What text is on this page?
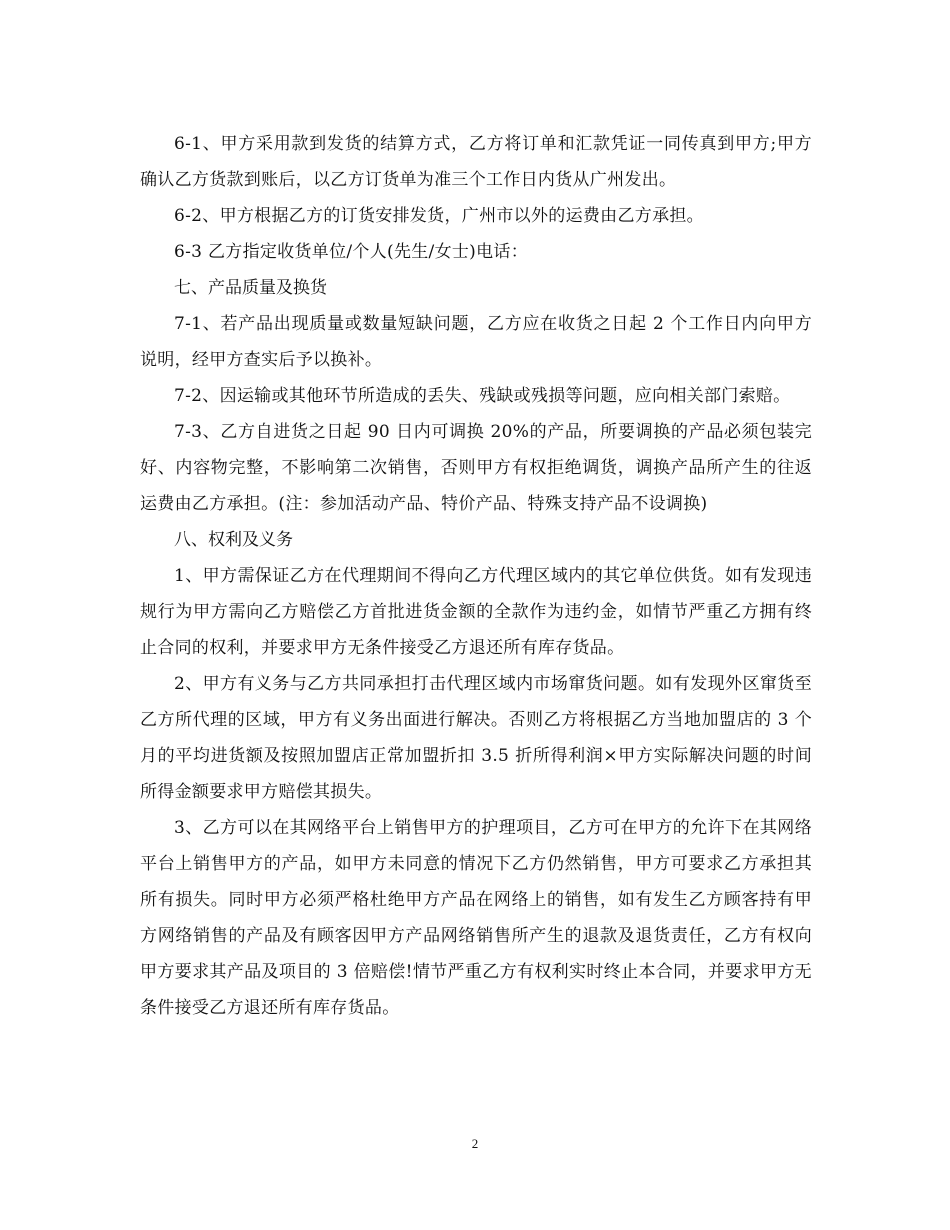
6-1、甲方采用款到发货的结算方式，乙方将订单和汇款凭证一同传真到甲方;甲方确认乙方货款到账后，以乙方订货单为准三个工作日内货从广州发出。

6-2、甲方根据乙方的订货安排发货，广州市以外的运费由乙方承担。

6-3 乙方指定收货单位/个人(先生/女士)电话：

七、产品质量及换货

7-1、若产品出现质量或数量短缺问题，乙方应在收货之日起 2 个工作日内向甲方说明，经甲方查实后予以换补。

7-2、因运输或其他环节所造成的丢失、残缺或残损等问题，应向相关部门索赔。

7-3、乙方自进货之日起 90 日内可调换 20%的产品，所要调换的产品必须包装完好、内容物完整，不影响第二次销售，否则甲方有权拒绝调货，调换产品所产生的往返运费由乙方承担。(注：参加活动产品、特价产品、特殊支持产品不设调换)

八、权利及义务

1、甲方需保证乙方在代理期间不得向乙方代理区域内的其它单位供货。如有发现违规行为甲方需向乙方赔偿乙方首批进货金额的全款作为违约金，如情节严重乙方拥有终止合同的权利，并要求甲方无条件接受乙方退还所有库存货品。

2、甲方有义务与乙方共同承担打击代理区域内市场窜货问题。如有发现外区窜货至乙方所代理的区域，甲方有义务出面进行解决。否则乙方将根据乙方当地加盟店的 3 个月的平均进货额及按照加盟店正常加盟折扣 3.5 折所得利润×甲方实际解决问题的时间所得金额要求甲方赔偿其损失。

3、乙方可以在其网络平台上销售甲方的护理项目，乙方可在甲方的允许下在其网络平台上销售甲方的产品，如甲方未同意的情况下乙方仍然销售，甲方可要求乙方承担其所有损失。同时甲方必须严格杜绝甲方产品在网络上的销售，如有发生乙方顾客持有甲方网络销售的产品及有顾客因甲方产品网络销售所产生的退款及退货责任，乙方有权向甲方要求其产品及项目的 3 倍赔偿!情节严重乙方有权利实时终止本合同，并要求甲方无条件接受乙方退还所有库存货品。

2
